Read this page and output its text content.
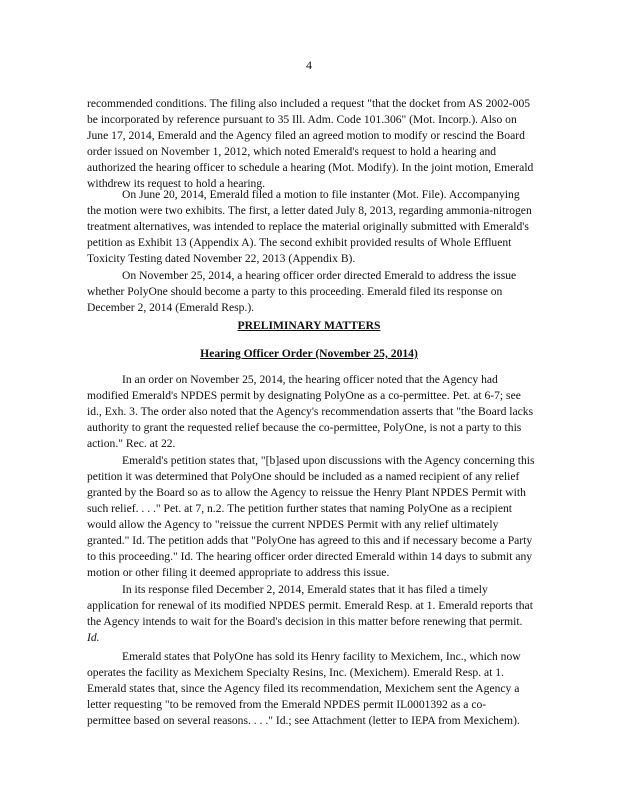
4
recommended conditions. The filing also included a request "that the docket from AS 2002-005
be incorporated by reference pursuant to 35 Ill. Adm. Code 101.306" (Mot. Incorp.). Also on
June 17, 2014, Emerald and the Agency filed an agreed motion to modify or rescind the Board
order issued on November 1, 2012, which noted Emerald's request to hold a hearing and
authorized the hearing officer to schedule a hearing (Mot. Modify). In the joint motion, Emerald
withdrew its request to hold a hearing.
On June 20, 2014, Emerald filed a motion to file instanter (Mot. File). Accompanying
the motion were two exhibits. The first, a letter dated July 8, 2013, regarding ammonia-nitrogen
treatment alternatives, was intended to replace the material originally submitted with Emerald's
petition as Exhibit 13 (Appendix A). The second exhibit provided results of Whole Effluent
Toxicity Testing dated November 22, 2013 (Appendix B).
On November 25, 2014, a hearing officer order directed Emerald to address the issue
whether PolyOne should become a party to this proceeding. Emerald filed its response on
December 2, 2014 (Emerald Resp.).
PRELIMINARY MATTERS
Hearing Officer Order (November 25, 2014)
In an order on November 25, 2014, the hearing officer noted that the Agency had
modified Emerald's NPDES permit by designating PolyOne as a co-permittee. Pet. at 6-7; see
id., Exh. 3. The order also noted that the Agency's recommendation asserts that "the Board lacks
authority to grant the requested relief because the co-permittee, PolyOne, is not a party to this
action." Rec. at 22.
Emerald's petition states that, "[b]ased upon discussions with the Agency concerning this
petition it was determined that PolyOne should be included as a named recipient of any relief
granted by the Board so as to allow the Agency to reissue the Henry Plant NPDES Permit with
such relief. . . ." Pet. at 7, n.2. The petition further states that naming PolyOne as a recipient
would allow the Agency to "reissue the current NPDES Permit with any relief ultimately
granted." Id. The petition adds that "PolyOne has agreed to this and if necessary become a Party
to this proceeding." Id. The hearing officer order directed Emerald within 14 days to submit any
motion or other filing it deemed appropriate to address this issue.
In its response filed December 2, 2014, Emerald states that it has filed a timely
application for renewal of its modified NPDES permit. Emerald Resp. at 1. Emerald reports that
the Agency intends to wait for the Board's decision in this matter before renewing that permit.
Id.
Emerald states that PolyOne has sold its Henry facility to Mexichem, Inc., which now
operates the facility as Mexichem Specialty Resins, Inc. (Mexichem). Emerald Resp. at 1.
Emerald states that, since the Agency filed its recommendation, Mexichem sent the Agency a
letter requesting "to be removed from the Emerald NPDES permit IL0001392 as a co-
permittee based on several reasons. . . ." Id.; see Attachment (letter to IEPA from Mexichem).
